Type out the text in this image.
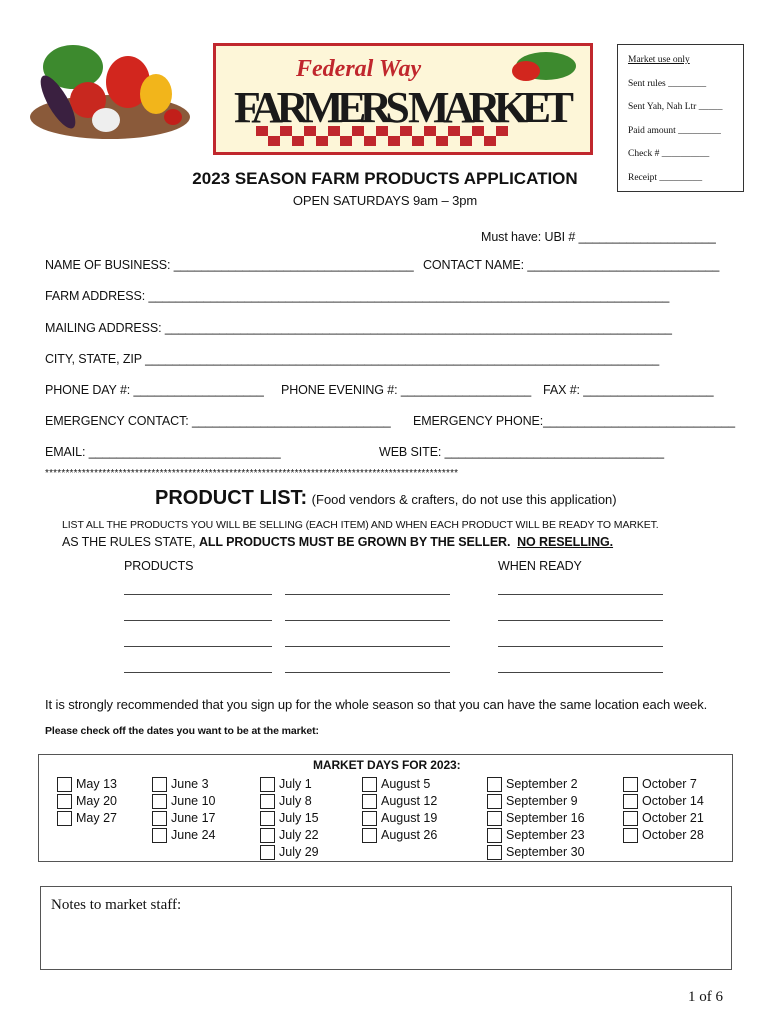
Federal Way
FARMERS MARKET
Market use only
Sent rules ________
Sent Yah, Nah Ltr _____
Paid amount _________
Check # __________
Receipt _________
2023 SEASON FARM PRODUCTS APPLICATION
OPEN SATURDAYS 9am – 3pm
Must have: UBI # ____________________
NAME OF BUSINESS: ___________________________________ CONTACT NAME: ____________________________
FARM ADDRESS: ____________________________________________________________________________
MAILING ADDRESS: __________________________________________________________________________
CITY, STATE, ZIP ___________________________________________________________________________
PHONE DAY #: ___________________ PHONE EVENING #: ___________________ FAX #: ___________________
EMERGENCY CONTACT: _____________________________ EMERGENCY PHONE:____________________________
EMAIL: ____________________________	WEB SITE: ________________________________
*****************************************************************************************************
PRODUCT LIST: (Food vendors & crafters, do not use this application)
LIST ALL THE PRODUCTS YOU WILL BE SELLING (EACH ITEM) AND WHEN EACH PRODUCT WILL BE READY TO MARKET.
AS THE RULES STATE, ALL PRODUCTS MUST BE GROWN BY THE SELLER. NO RESELLING.
PRODUCTS	WHEN READY
It is strongly recommended that you sign up for the whole season so that you can have the same location each week.
Please check off the dates you want to be at the market:
MARKET DAYS FOR 2023:
May 13
May 20
May 27
June 3
June 10
June 17
June 24
July 1
July 8
July 15
July 22
July 29
August 5
August 12
August 19
August 26
September 2
September 9
September 16
September 23
September 30
October 7
October 14
October 21
October 28
Notes to market staff:
1 of 6
